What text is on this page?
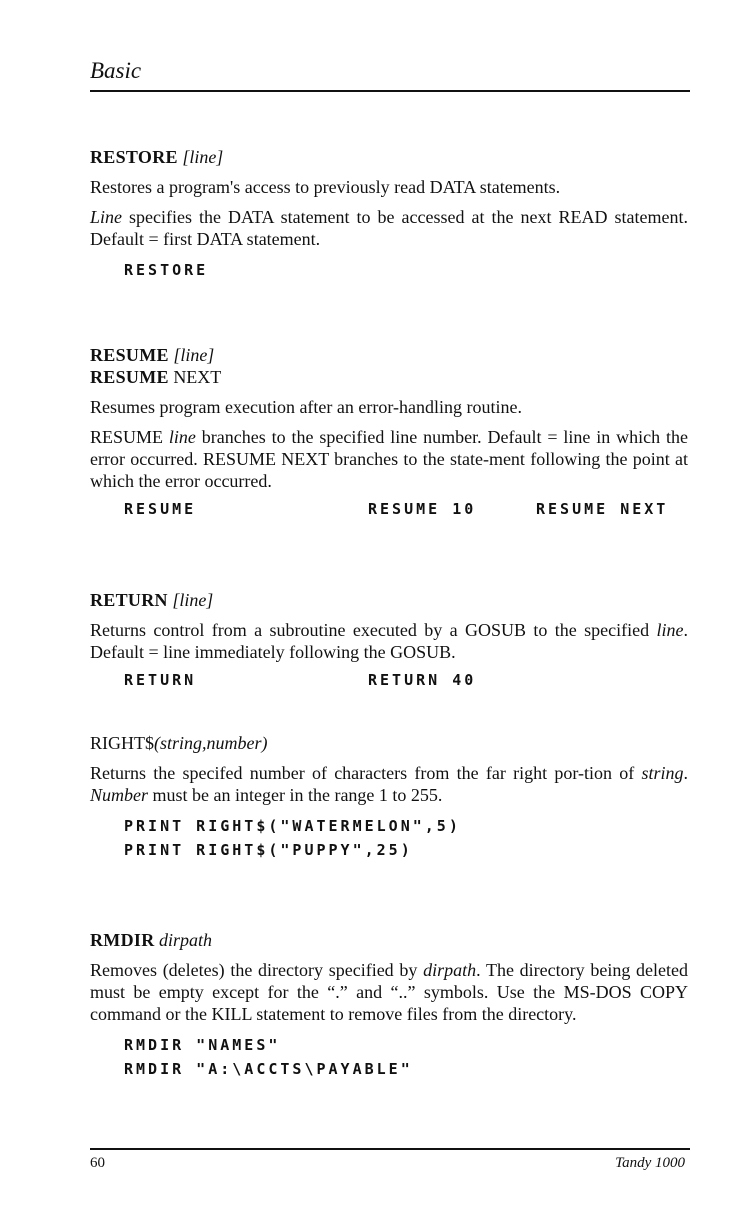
Basic
RESTORE [line]

Restores a program's access to previously read DATA statements.

Line specifies the DATA statement to be accessed at the next READ statement. Default = first DATA statement.

RESTORE
RESUME [line]
RESUME NEXT

Resumes program execution after an error-handling routine.

RESUME line branches to the specified line number. Default = line in which the error occurred. RESUME NEXT branches to the state-ment following the point at which the error occurred.

RESUME	RESUME 10	RESUME NEXT
RETURN [line]

Returns control from a subroutine executed by a GOSUB to the specified line. Default = line immediately following the GOSUB.

RETURN	RETURN 40
RIGHT$(string,number)

Returns the specifed number of characters from the far right por-tion of string. Number must be an integer in the range 1 to 255.

PRINT RIGHT$("WATERMELON",5)
PRINT RIGHT$("PUPPY",25)
RMDIR dirpath

Removes (deletes) the directory specified by dirpath. The directory being deleted must be empty except for the “.” and “..” symbols. Use the MS-DOS COPY command or the KILL statement to remove files from the directory.

RMDIR "NAMES"
RMDIR "A:\ACCTS\PAYABLE"
60	Tandy 1000
